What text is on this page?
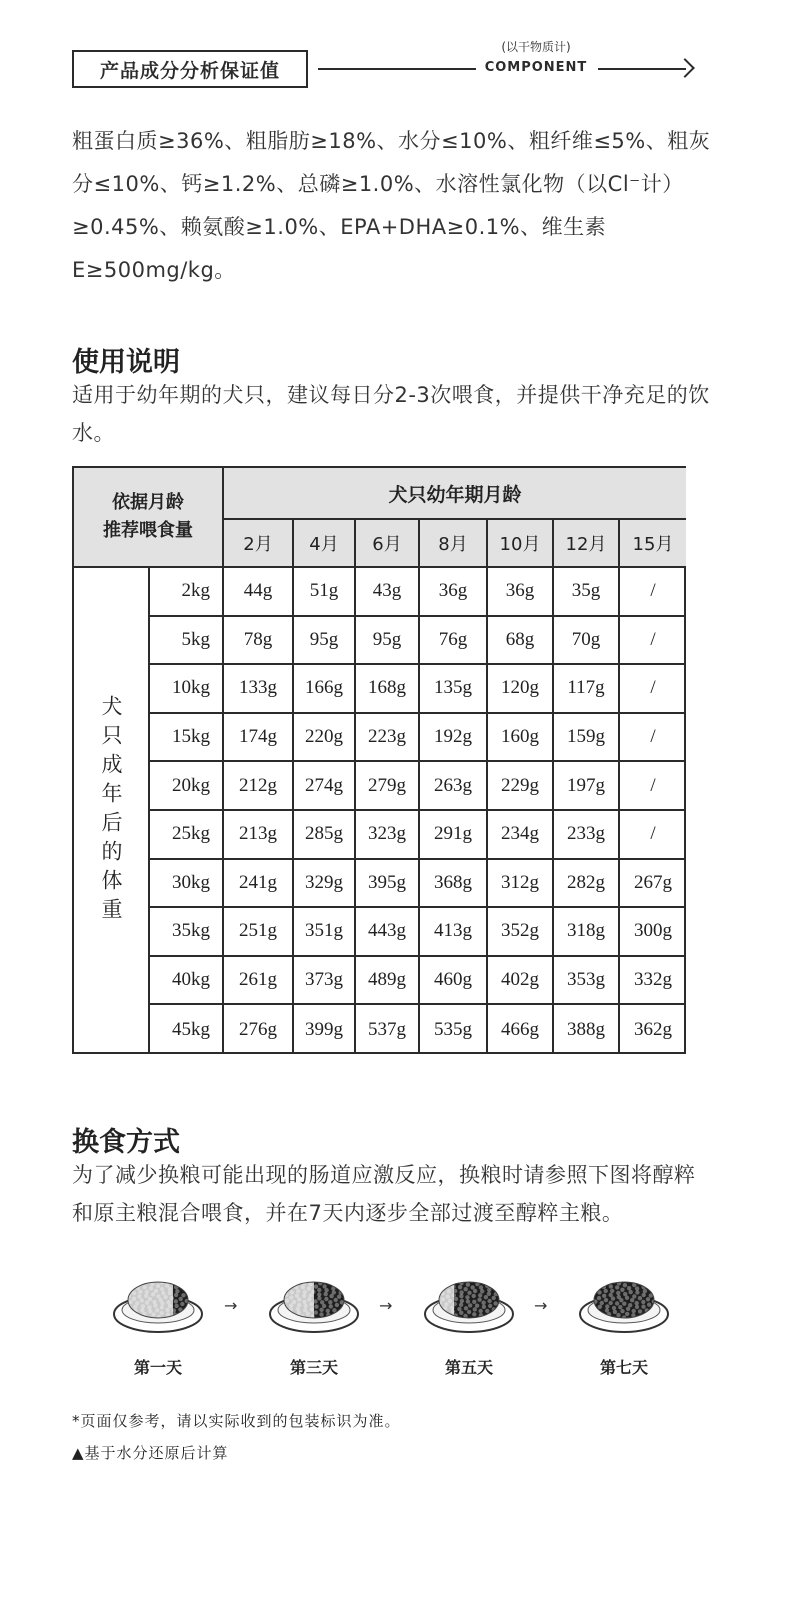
产品成分分析保证值
(以干物质计)
COMPONENT

粗蛋白质≥36%、粗脂肪≥18%、水分≤10%、粗纤维≤5%、粗灰分≤10%、钙≥1.2%、总磷≥1.0%、水溶性氯化物（以Cl⁻计）≥0.45%、赖氨酸≥1.0%、EPA+DHA≥0.1%、维生素E≥500mg/kg。

使用说明

适用于幼年期的犬只，建议每日分2-3次喂食，并提供干净充足的饮水。

依据月龄
推荐喂食量
犬只幼年期月龄
犬只成年后的体重
2月	4月	6月	8月	10月	12月	15月
2kg	44g	51g	43g	36g	36g	35g	/
5kg	78g	95g	95g	76g	68g	70g	/
10kg	133g	166g	168g	135g	120g	117g	/
15kg	174g	220g	223g	192g	160g	159g	/
20kg	212g	274g	279g	263g	229g	197g	/
25kg	213g	285g	323g	291g	234g	233g	/
30kg	241g	329g	395g	368g	312g	282g	267g
35kg	251g	351g	443g	413g	352g	318g	300g
40kg	261g	373g	489g	460g	402g	353g	332g
45kg	276g	399g	537g	535g	466g	388g	362g
换食方式

为了减少换粮可能出现的肠道应激反应，换粮时请参照下图将醇粹和原主粮混合喂食，并在7天内逐步全部过渡至醇粹主粮。

第一天	第三天	第五天	第七天
→	→	→

*页面仅参考，请以实际收到的包装标识为准。

▲基于水分还原后计算
